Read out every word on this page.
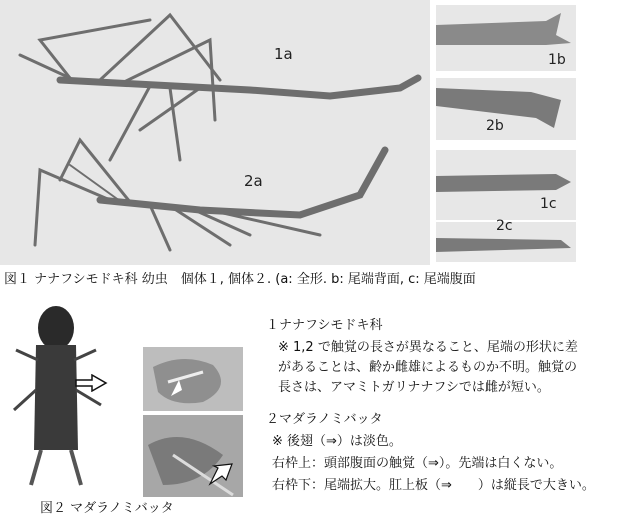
1a
2a
1b
2b
1c
2c
図１ ナナフシモドキ科 幼虫　個体１, 個体２. (a: 全形. b: 尾端背面, c: 尾端腹面
図２ マダラノミバッタ
１ナナフシモドキ科
※ 1,2 で触覚の長さが異なること、尾端の形状に差
があることは、齢か雌雄によるものか不明。触覚の
長さは、アマミトガリナナフシでは雌が短い。
２マダラノミバッタ
※ 後翅（⇒）は淡色。
右枠上：頭部腹面の触覚（⇒）。先端は白くない。
右枠下：尾端拡大。肛上板（⇒　　）は縦長で大きい。
